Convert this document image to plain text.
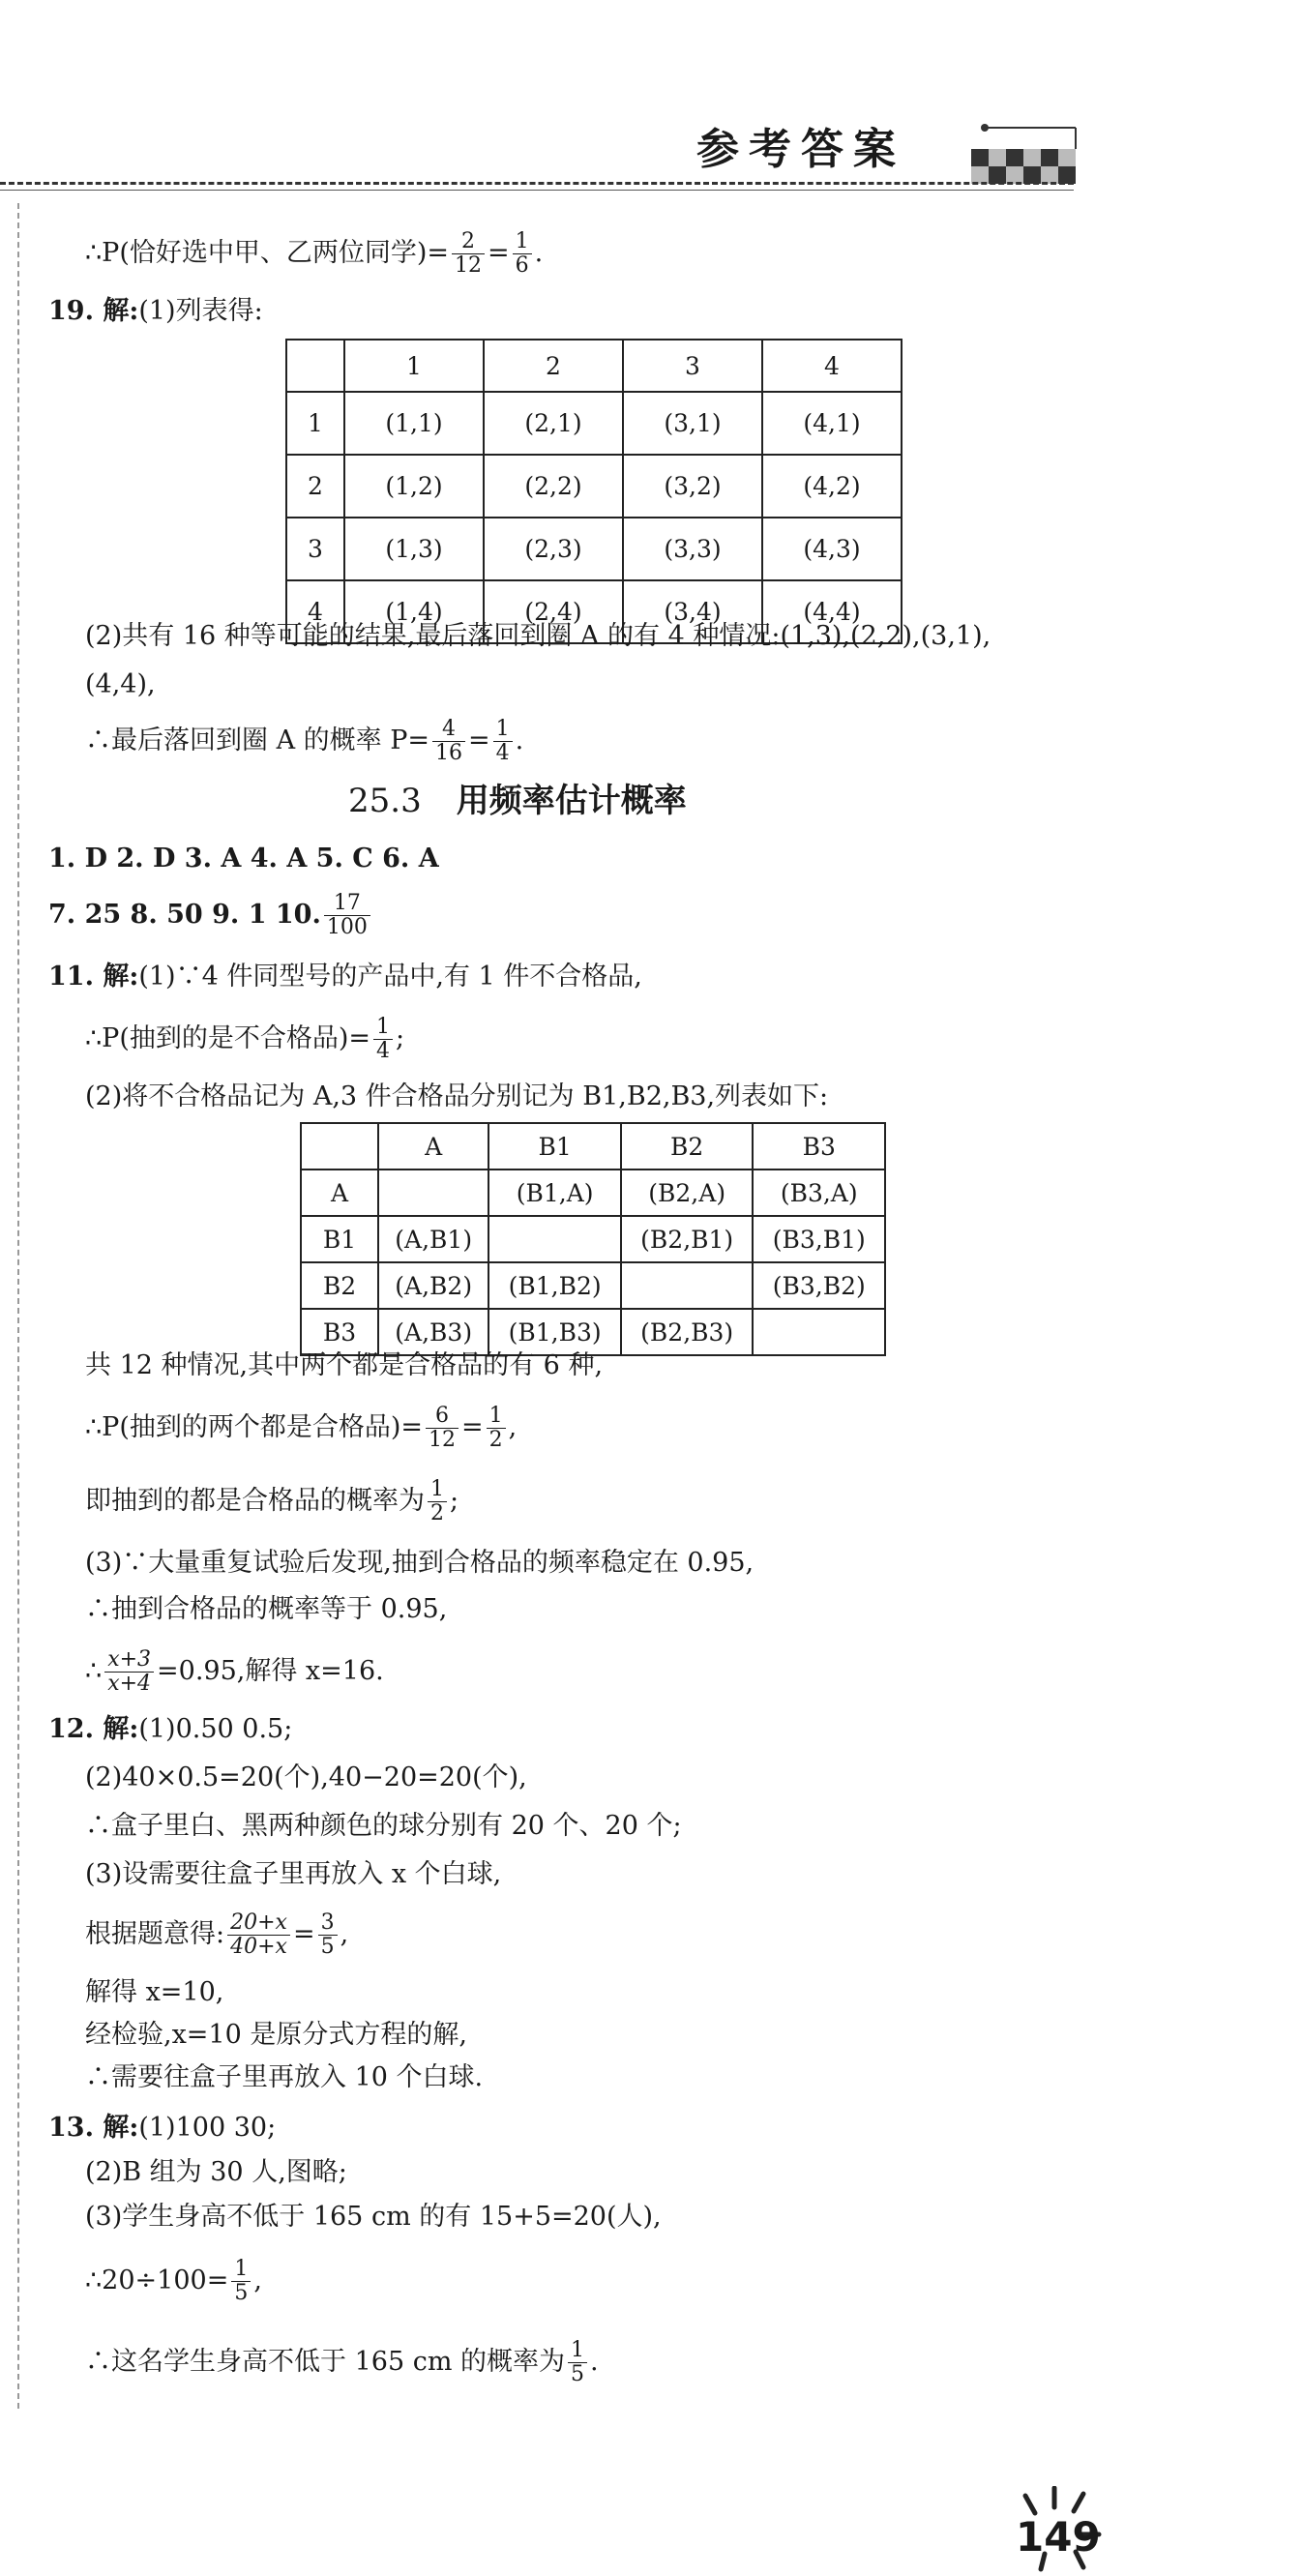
参考答案
∴P(恰好选中甲、乙两位同学)= $\frac{2}{12} = \frac{1}{6}$ .
19. 解:(1)列表得:
	1	2	3	4
1	(1,1)	(2,1)	(3,1)	(4,1)
2	(1,2)	(2,2)	(3,2)	(4,2)
3	(1,3)	(2,3)	(3,3)	(4,3)
4	(1,4)	(2,4)	(3,4)	(4,4)
(2)共有 16 种等可能的结果,最后落回到圈 A 的有 4 种情况:(1,3),(2,2),(3,1),
(4,4),
∴最后落回到圈 A 的概率 $P= \frac{4}{16} = \frac{1}{4}$ .
25.3 用频率估计概率
1. D 2. D 3. A 4. A 5. C 6. A
7. 25 8. 50 9. 1 10. $\frac{17}{100}$
11. 解:(1)∵4 件同型号的产品中,有 1 件不合格品,
∴P(抽到的是不合格品)= $\frac{1}{4}$ ;
(2)将不合格品记为 A,3 件合格品分别记为 B1,B2,B3,列表如下:
	A	B1	B2	B3
A		(B1,A)	(B2,A)	(B3,A)
B1	(A,B1)		(B2,B1)	(B3,B1)
B2	(A,B2)	(B1,B2)		(B3,B2)
B3	(A,B3)	(B1,B3)	(B2,B3)	
共 12 种情况,其中两个都是合格品的有 6 种,
∴P(抽到的两个都是合格品)= $\frac{6}{12} = \frac{1}{2}$ ,
即抽到的都是合格品的概率为 $\frac{1}{2}$ ;
(3)∵大量重复试验后发现,抽到合格品的频率稳定在 0.95,
∴抽到合格品的概率等于 0.95,
∴ $\frac{x+3}{x+4} =0.95$,解得 x=16.
12. 解:(1)0.50 0.5;
(2)40×0.5=20(个),40−20=20(个),
∴盒子里白、黑两种颜色的球分别有 20 个、20 个;
(3)设需要往盒子里再放入 x 个白球,
根据题意得: $\frac{20+x}{40+x} = \frac{3}{5}$ ,
解得 x=10,
经检验,x=10 是原分式方程的解,
∴需要往盒子里再放入 10 个白球.
13. 解:(1)100 30;
(2)B 组为 30 人,图略;
(3)学生身高不低于 165 cm 的有 15+5=20(人),
∴20÷100= $\frac{1}{5}$ ,
∴这名学生身高不低于 165 cm 的概率为 $\frac{1}{5}$ .
149
